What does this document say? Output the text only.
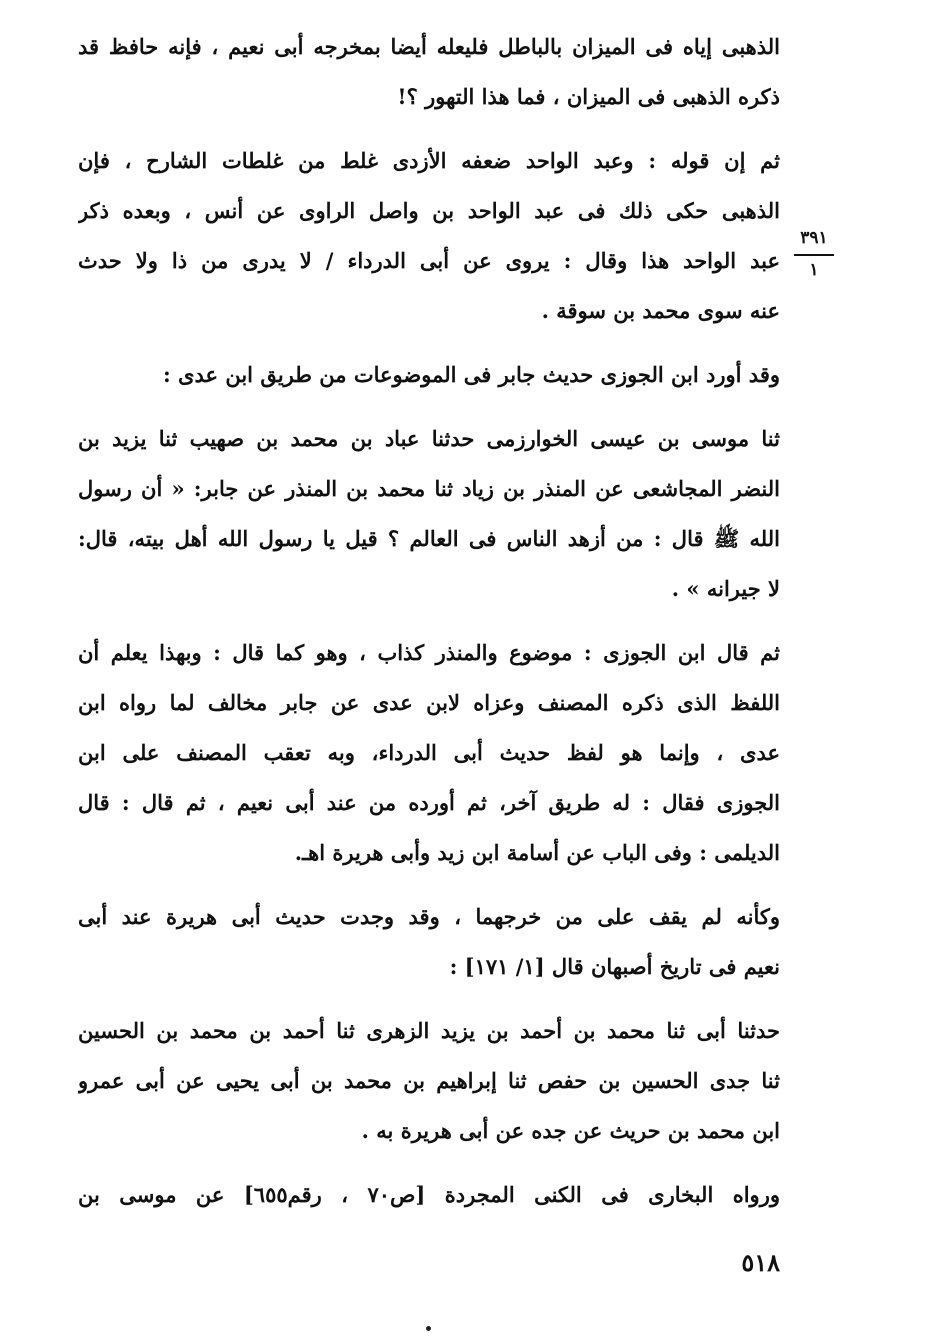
الذهبى إياه فى الميزان بالباطل فليعله أيضا بمخرجه أبى نعيم ، فإنه حافظ قد
ذكره الذهبى فى الميزان ، فما هذا التهور ؟!
ثم إن قوله : وعبد الواحد ضعفه الأزدى غلط من غلطات الشارح ، فإن
الذهبى حكى ذلك فى عبد الواحد بن واصل الراوى عن أنس ، وبعده ذكر
عبد الواحد هذا وقال : يروى عن أبى الدرداء / لا يدرى من ذا ولا حدث
عنه سوى محمد بن سوقة .
وقد أورد ابن الجوزى حديث جابر فى الموضوعات من طريق ابن عدى :
ثنا موسى بن عيسى الخوارزمى حدثنا عباد بن محمد بن صهيب ثنا يزيد بن
النضر المجاشعى عن المنذر بن زياد ثنا محمد بن المنذر عن جابر: « أن رسول
الله ﷺ قال : من أزهد الناس فى العالم ؟ قيل يا رسول الله أهل بيته، قال:
لا جيرانه » .
ثم قال ابن الجوزى : موضوع والمنذر كذاب ، وهو كما قال : وبهذا يعلم أن
اللفظ الذى ذكره المصنف وعزاه لابن عدى عن جابر مخالف لما رواه ابن
عدى ، وإنما هو لفظ حديث أبى الدرداء، وبه تعقب المصنف على ابن
الجوزى فقال : له طريق آخر، ثم أورده من عند أبى نعيم ، ثم قال : قال
الديلمى : وفى الباب عن أسامة ابن زيد وأبى هريرة اهـ.
وكأنه لم يقف على من خرجهما ، وقد وجدت حديث أبى هريرة عند أبى
نعيم فى تاريخ أصبهان قال [١/ ١٧١] :
حدثنا أبى ثنا محمد بن أحمد بن يزيد الزهرى ثنا أحمد بن محمد بن الحسين
ثنا جدى الحسين بن حفص ثنا إبراهيم بن محمد بن أبى يحيى عن أبى عمرو
ابن محمد بن حريث عن جده عن أبى هريرة به .
ورواه البخارى فى الكنى المجردة [ص٧٠ ، رقم٦٥٥] عن موسى بن
٣٩١
١
٥١٨
